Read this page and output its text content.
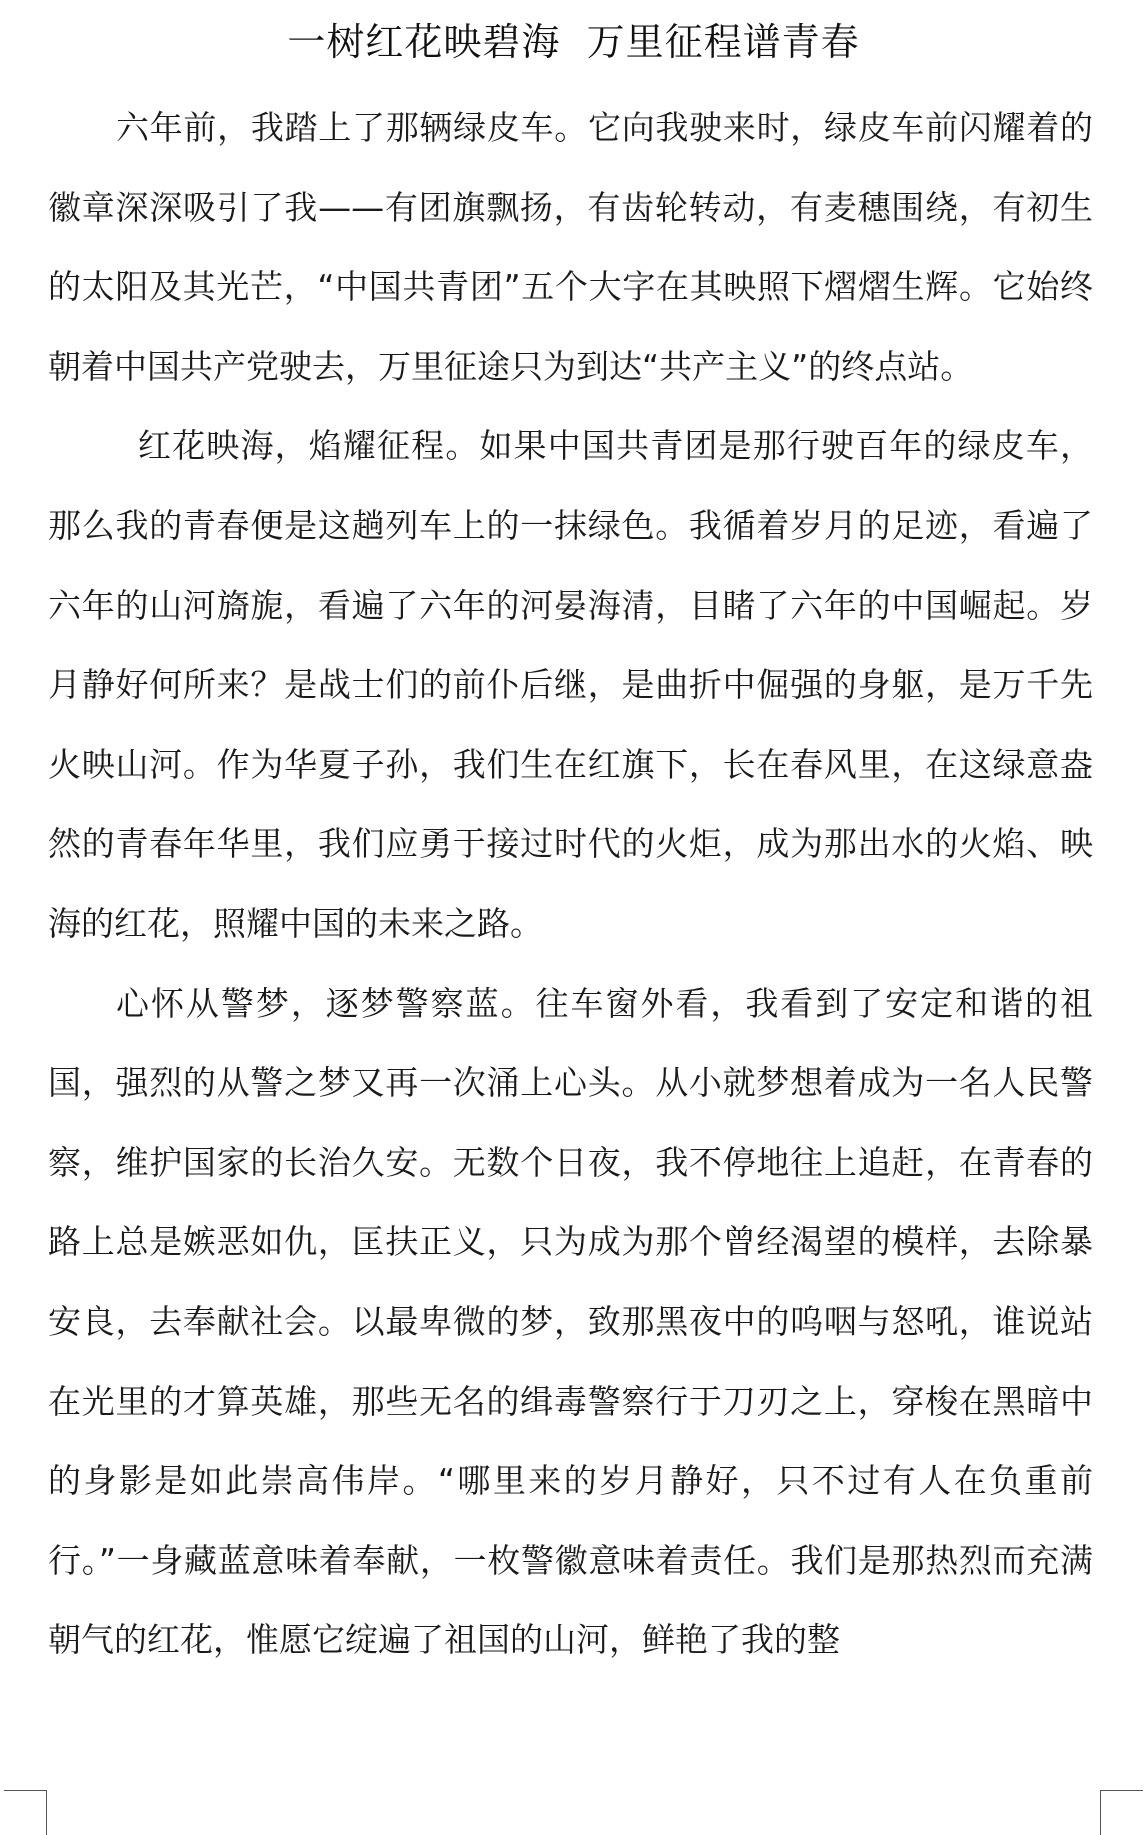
一树红花映碧海  万里征程谱青春

六年前，我踏上了那辆绿皮车。它向我驶来时，绿皮车前闪耀着的徽章深深吸引了我——有团旗飘扬，有齿轮转动，有麦穗围绕，有初生的太阳及其光芒，“中国共青团”五个大字在其映照下熠熠生辉。它始终朝着中国共产党驶去，万里征途只为到达“共产主义”的终点站。

红花映海，焰耀征程。如果中国共青团是那行驶百年的绿皮车，那么我的青春便是这趟列车上的一抹绿色。我循着岁月的足迹，看遍了六年的山河旖旎，看遍了六年的河晏海清，目睹了六年的中国崛起。岁月静好何所来？是战士们的前仆后继，是曲折中倔强的身躯，是万千先火映山河。作为华夏子孙，我们生在红旗下，长在春风里，在这绿意盎然的青春年华里，我们应勇于接过时代的火炬，成为那出水的火焰、映海的红花，照耀中国的未来之路。

心怀从警梦，逐梦警察蓝。往车窗外看，我看到了安定和谐的祖国，强烈的从警之梦又再一次涌上心头。从小就梦想着成为一名人民警察，维护国家的长治久安。无数个日夜，我不停地往上追赶，在青春的路上总是嫉恶如仇，匡扶正义，只为成为那个曾经渴望的模样，去除暴安良，去奉献社会。以最卑微的梦，致那黑夜中的呜咽与怒吼，谁说站在光里的才算英雄，那些无名的缉毒警察行于刀刃之上，穿梭在黑暗中的身影是如此崇高伟岸。“哪里来的岁月静好，只不过有人在负重前行。”一身藏蓝意味着奉献，一枚警徽意味着责任。我们是那热烈而充满朝气的红花，惟愿它绽遍了祖国的山河，鲜艳了我的整
